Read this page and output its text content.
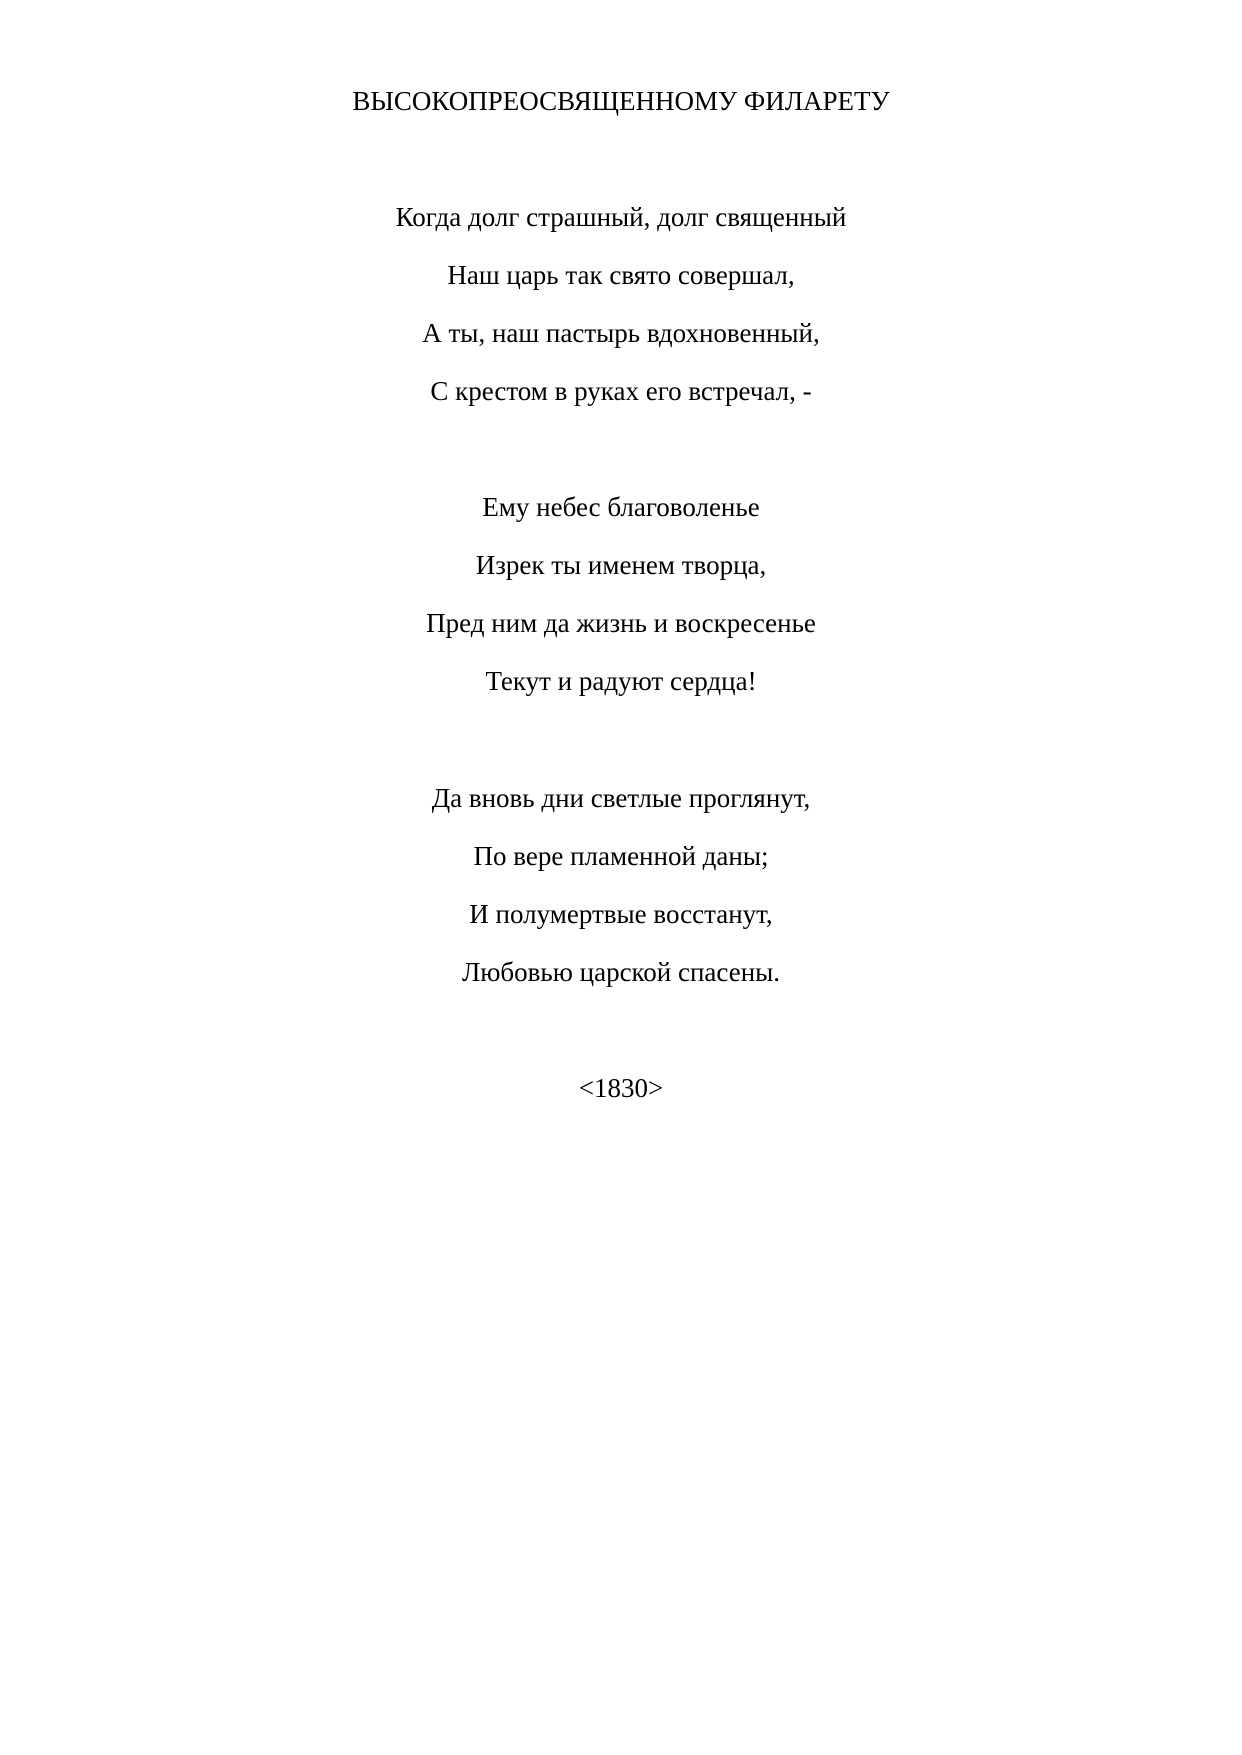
ВЫСОКОПРЕОСВЯЩЕННОМУ ФИЛАРЕТУ
Когда долг страшный, долг священный
Наш царь так свято совершал,
А ты, наш пастырь вдохновенный,
С крестом в руках его встречал, -
Ему небес благоволенье
Изрек ты именем творца,
Пред ним да жизнь и воскресенье
Текут и радуют сердца!
Да вновь дни светлые проглянут,
По вере пламенной даны;
И полумертвые восстанут,
Любовью царской спасены.
<1830>
